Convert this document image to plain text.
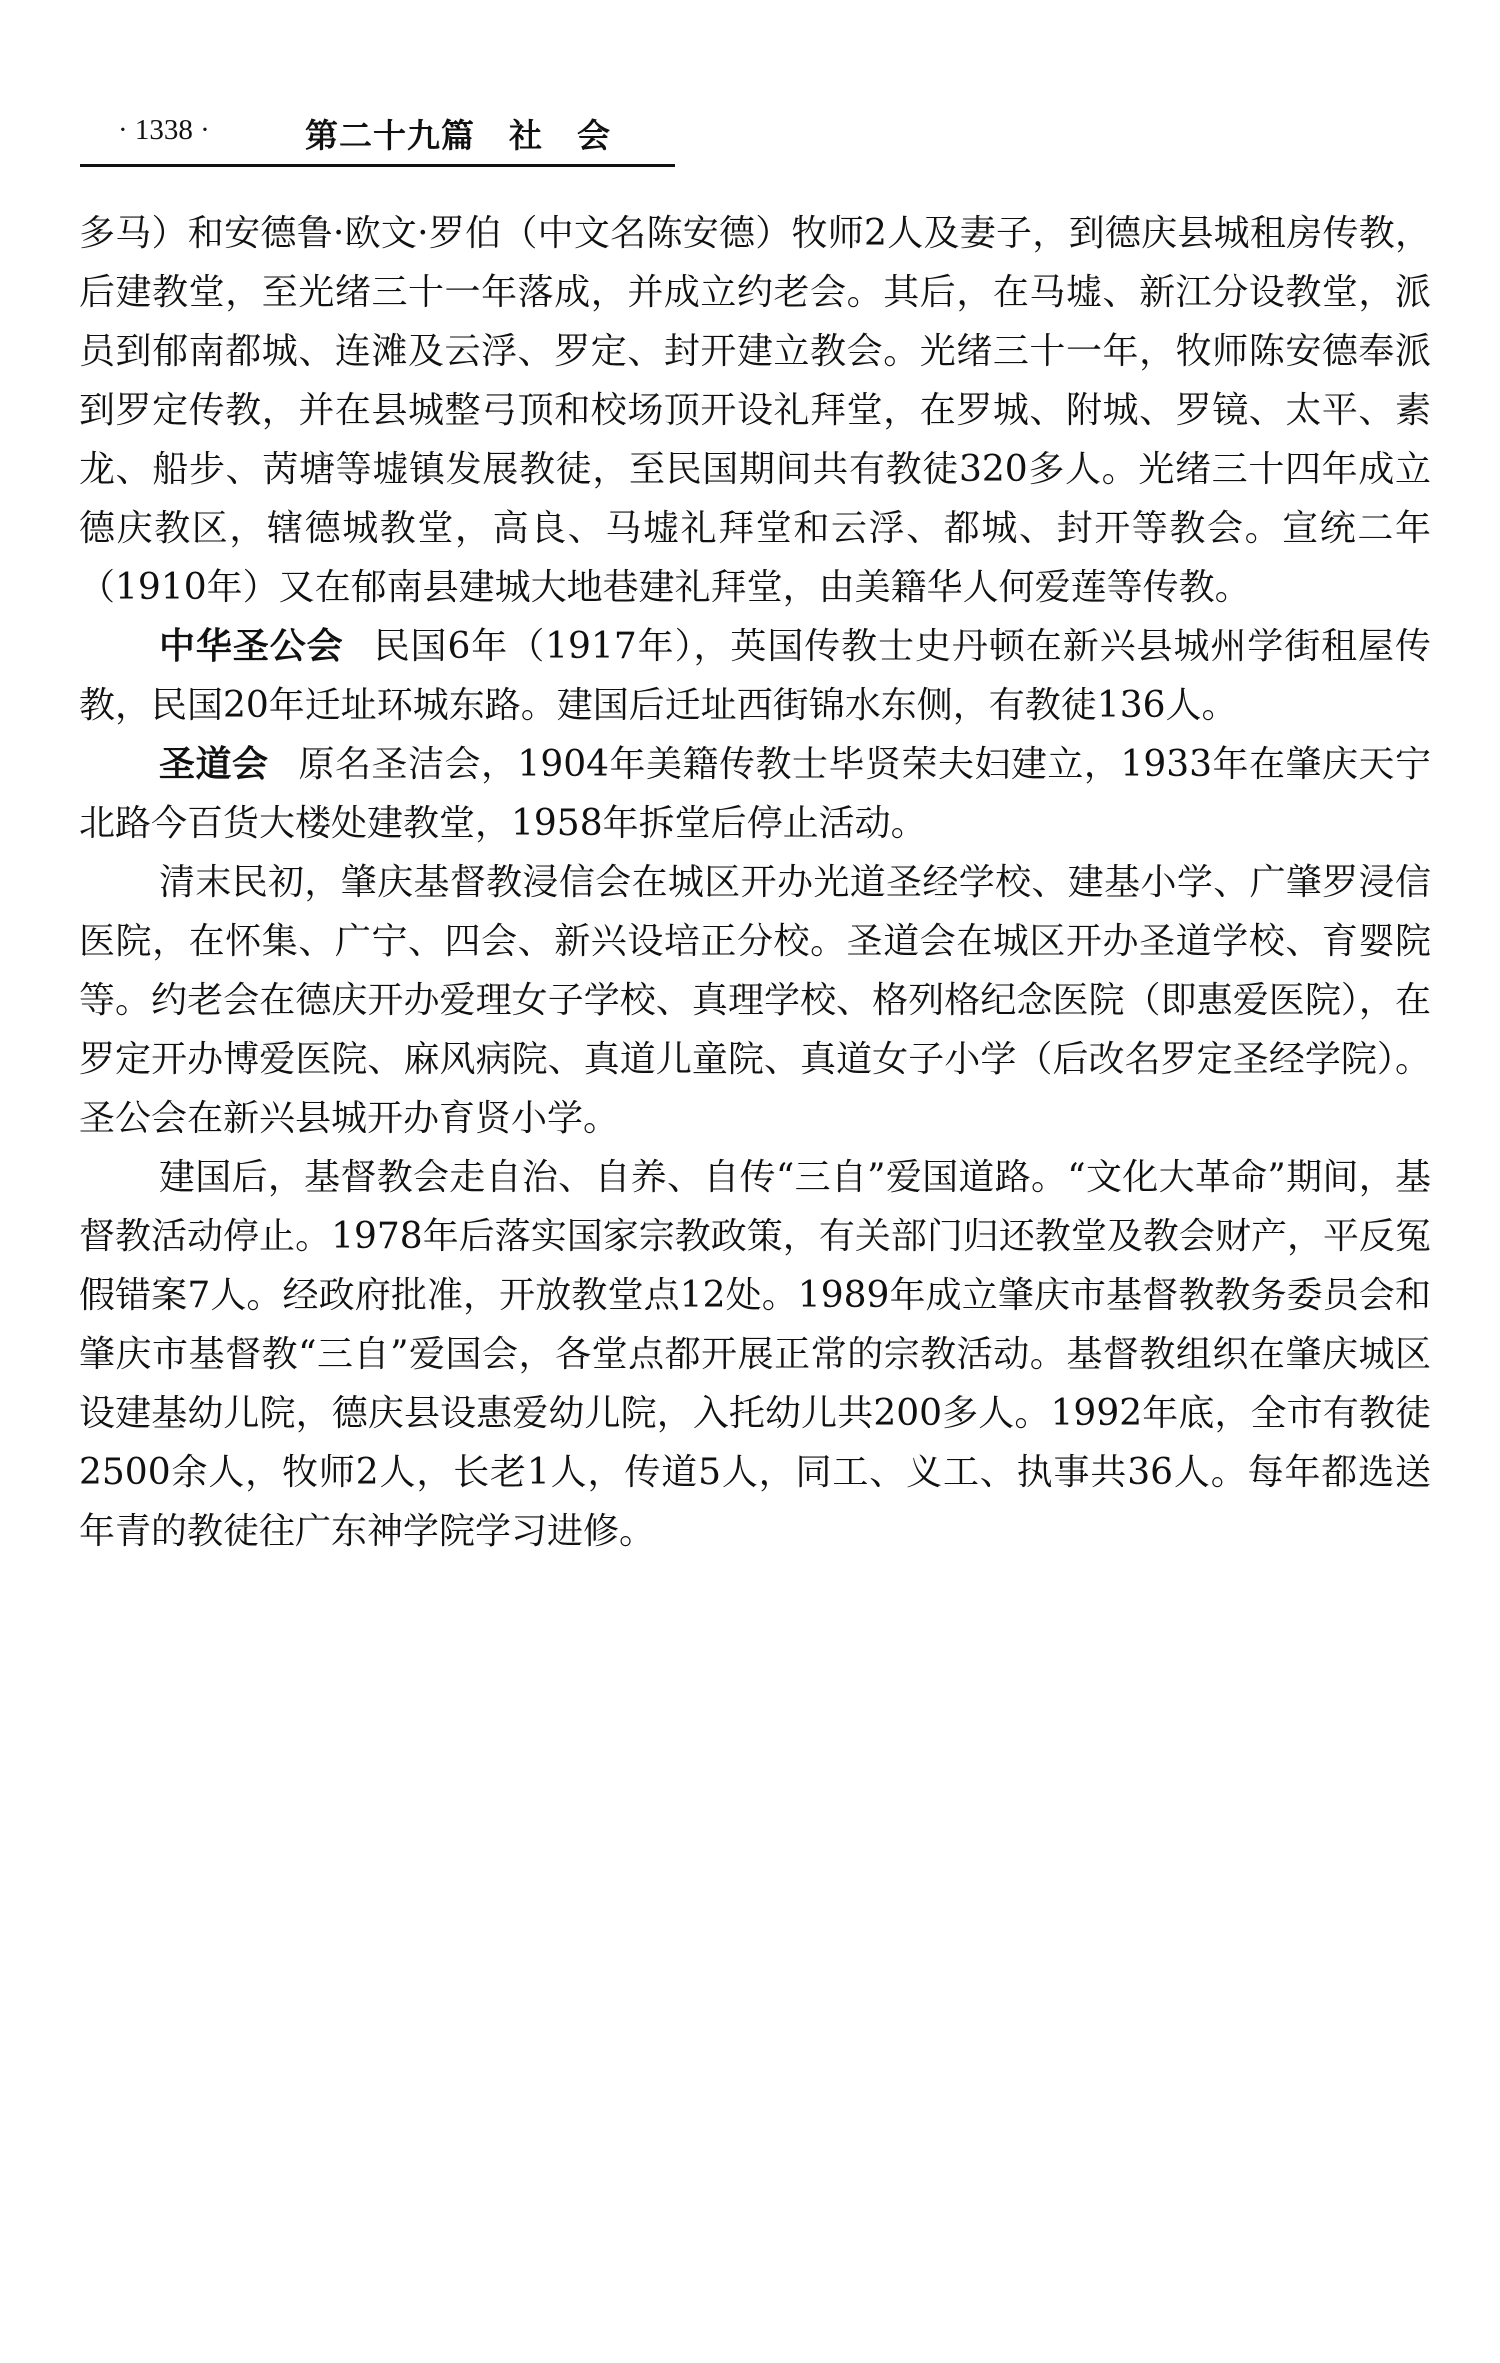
· 1338 ·	第二十九篇　社　会

多马）和安德鲁·欧文·罗伯（中文名陈安德）牧师2人及妻子，到德庆县城租房传教，后建教堂，至光绪三十一年落成，并成立约老会。其后，在马墟、新江分设教堂，派员到郁南都城、连滩及云浮、罗定、封开建立教会。光绪三十一年，牧师陈安德奉派到罗定传教，并在县城整弓顶和校场顶开设礼拜堂，在罗城、附城、罗镜、太平、素龙、船步、苪塘等墟镇发展教徒，至民国期间共有教徒320多人。光绪三十四年成立德庆教区，辖德城教堂，高良、马墟礼拜堂和云浮、都城、封开等教会。宣统二年（1910年）又在郁南县建城大地巷建礼拜堂，由美籍华人何爱莲等传教。

中华圣公会 民国6年（1917年），英国传教士史丹顿在新兴县城州学街租屋传教，民国20年迁址环城东路。建国后迁址西街锦水东侧，有教徒136人。

圣道会 原名圣洁会，1904年美籍传教士毕贤荣夫妇建立，1933年在肇庆天宁北路今百货大楼处建教堂，1958年拆堂后停止活动。

清末民初，肇庆基督教浸信会在城区开办光道圣经学校、建基小学、广肇罗浸信医院，在怀集、广宁、四会、新兴设培正分校。圣道会在城区开办圣道学校、育婴院等。约老会在德庆开办爱理女子学校、真理学校、格列格纪念医院（即惠爱医院），在罗定开办博爱医院、麻风病院、真道儿童院、真道女子小学（后改名罗定圣经学院）。圣公会在新兴县城开办育贤小学。

建国后，基督教会走自治、自养、自传“三自”爱国道路。“文化大革命”期间，基督教活动停止。1978年后落实国家宗教政策，有关部门归还教堂及教会财产，平反冤假错案7人。经政府批准，开放教堂点12处。1989年成立肇庆市基督教教务委员会和肇庆市基督教“三自”爱国会，各堂点都开展正常的宗教活动。基督教组织在肇庆城区设建基幼儿院，德庆县设惠爱幼儿院，入托幼儿共200多人。1992年底，全市有教徒2500余人，牧师2人，长老1人，传道5人，同工、义工、执事共36人。每年都选送年青的教徒往广东神学院学习进修。
